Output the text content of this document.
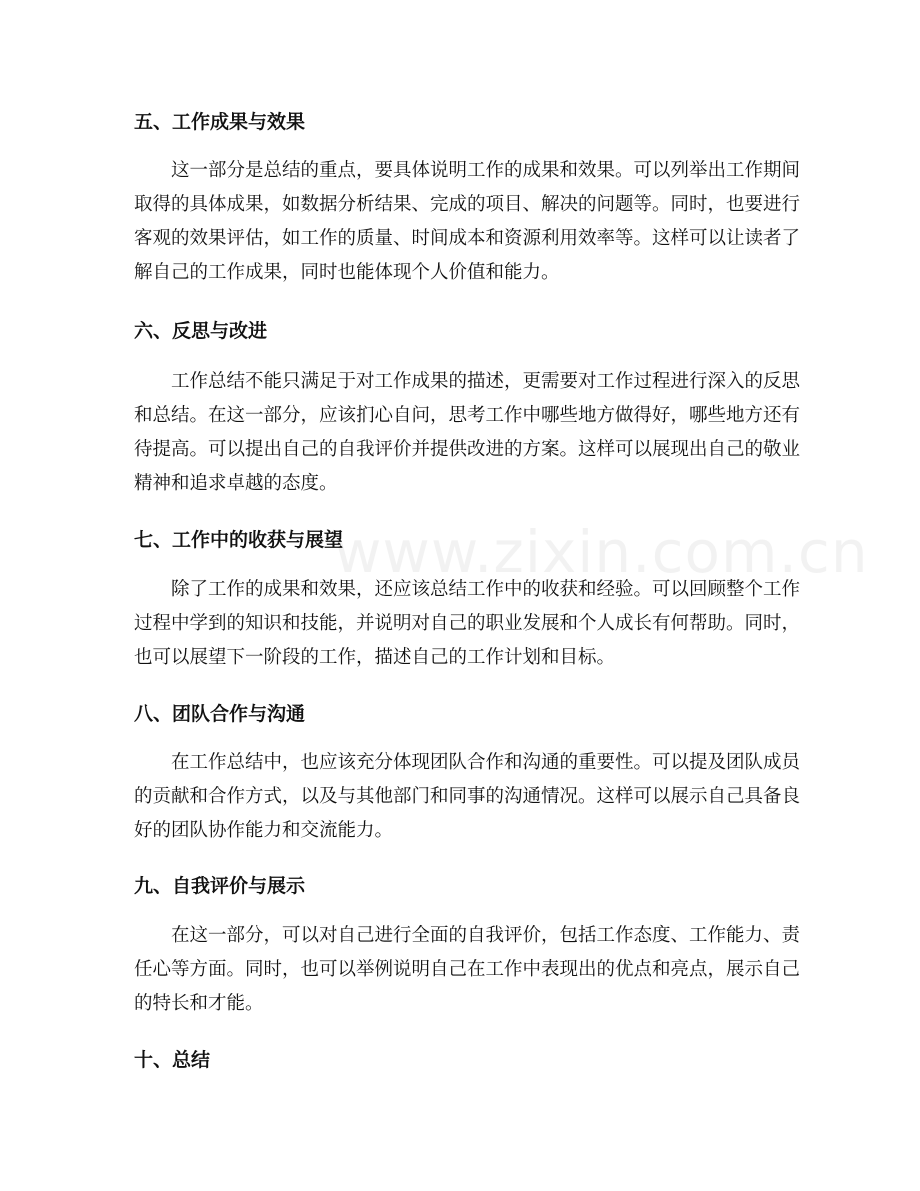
www.zixin.com.cn
五、工作成果与效果
这一部分是总结的重点，要具体说明工作的成果和效果。可以列举出工作期间
取得的具体成果，如数据分析结果、完成的项目、解决的问题等。同时，也要进行
客观的效果评估，如工作的质量、时间成本和资源利用效率等。这样可以让读者了
解自己的工作成果，同时也能体现个人价值和能力。
六、反思与改进
工作总结不能只满足于对工作成果的描述，更需要对工作过程进行深入的反思
和总结。在这一部分，应该扪心自问，思考工作中哪些地方做得好，哪些地方还有
待提高。可以提出自己的自我评价并提供改进的方案。这样可以展现出自己的敬业
精神和追求卓越的态度。
七、工作中的收获与展望
除了工作的成果和效果，还应该总结工作中的收获和经验。可以回顾整个工作
过程中学到的知识和技能，并说明对自己的职业发展和个人成长有何帮助。同时，
也可以展望下一阶段的工作，描述自己的工作计划和目标。
八、团队合作与沟通
在工作总结中，也应该充分体现团队合作和沟通的重要性。可以提及团队成员
的贡献和合作方式，以及与其他部门和同事的沟通情况。这样可以展示自己具备良
好的团队协作能力和交流能力。
九、自我评价与展示
在这一部分，可以对自己进行全面的自我评价，包括工作态度、工作能力、责
任心等方面。同时，也可以举例说明自己在工作中表现出的优点和亮点，展示自己
的特长和才能。
十、总结
